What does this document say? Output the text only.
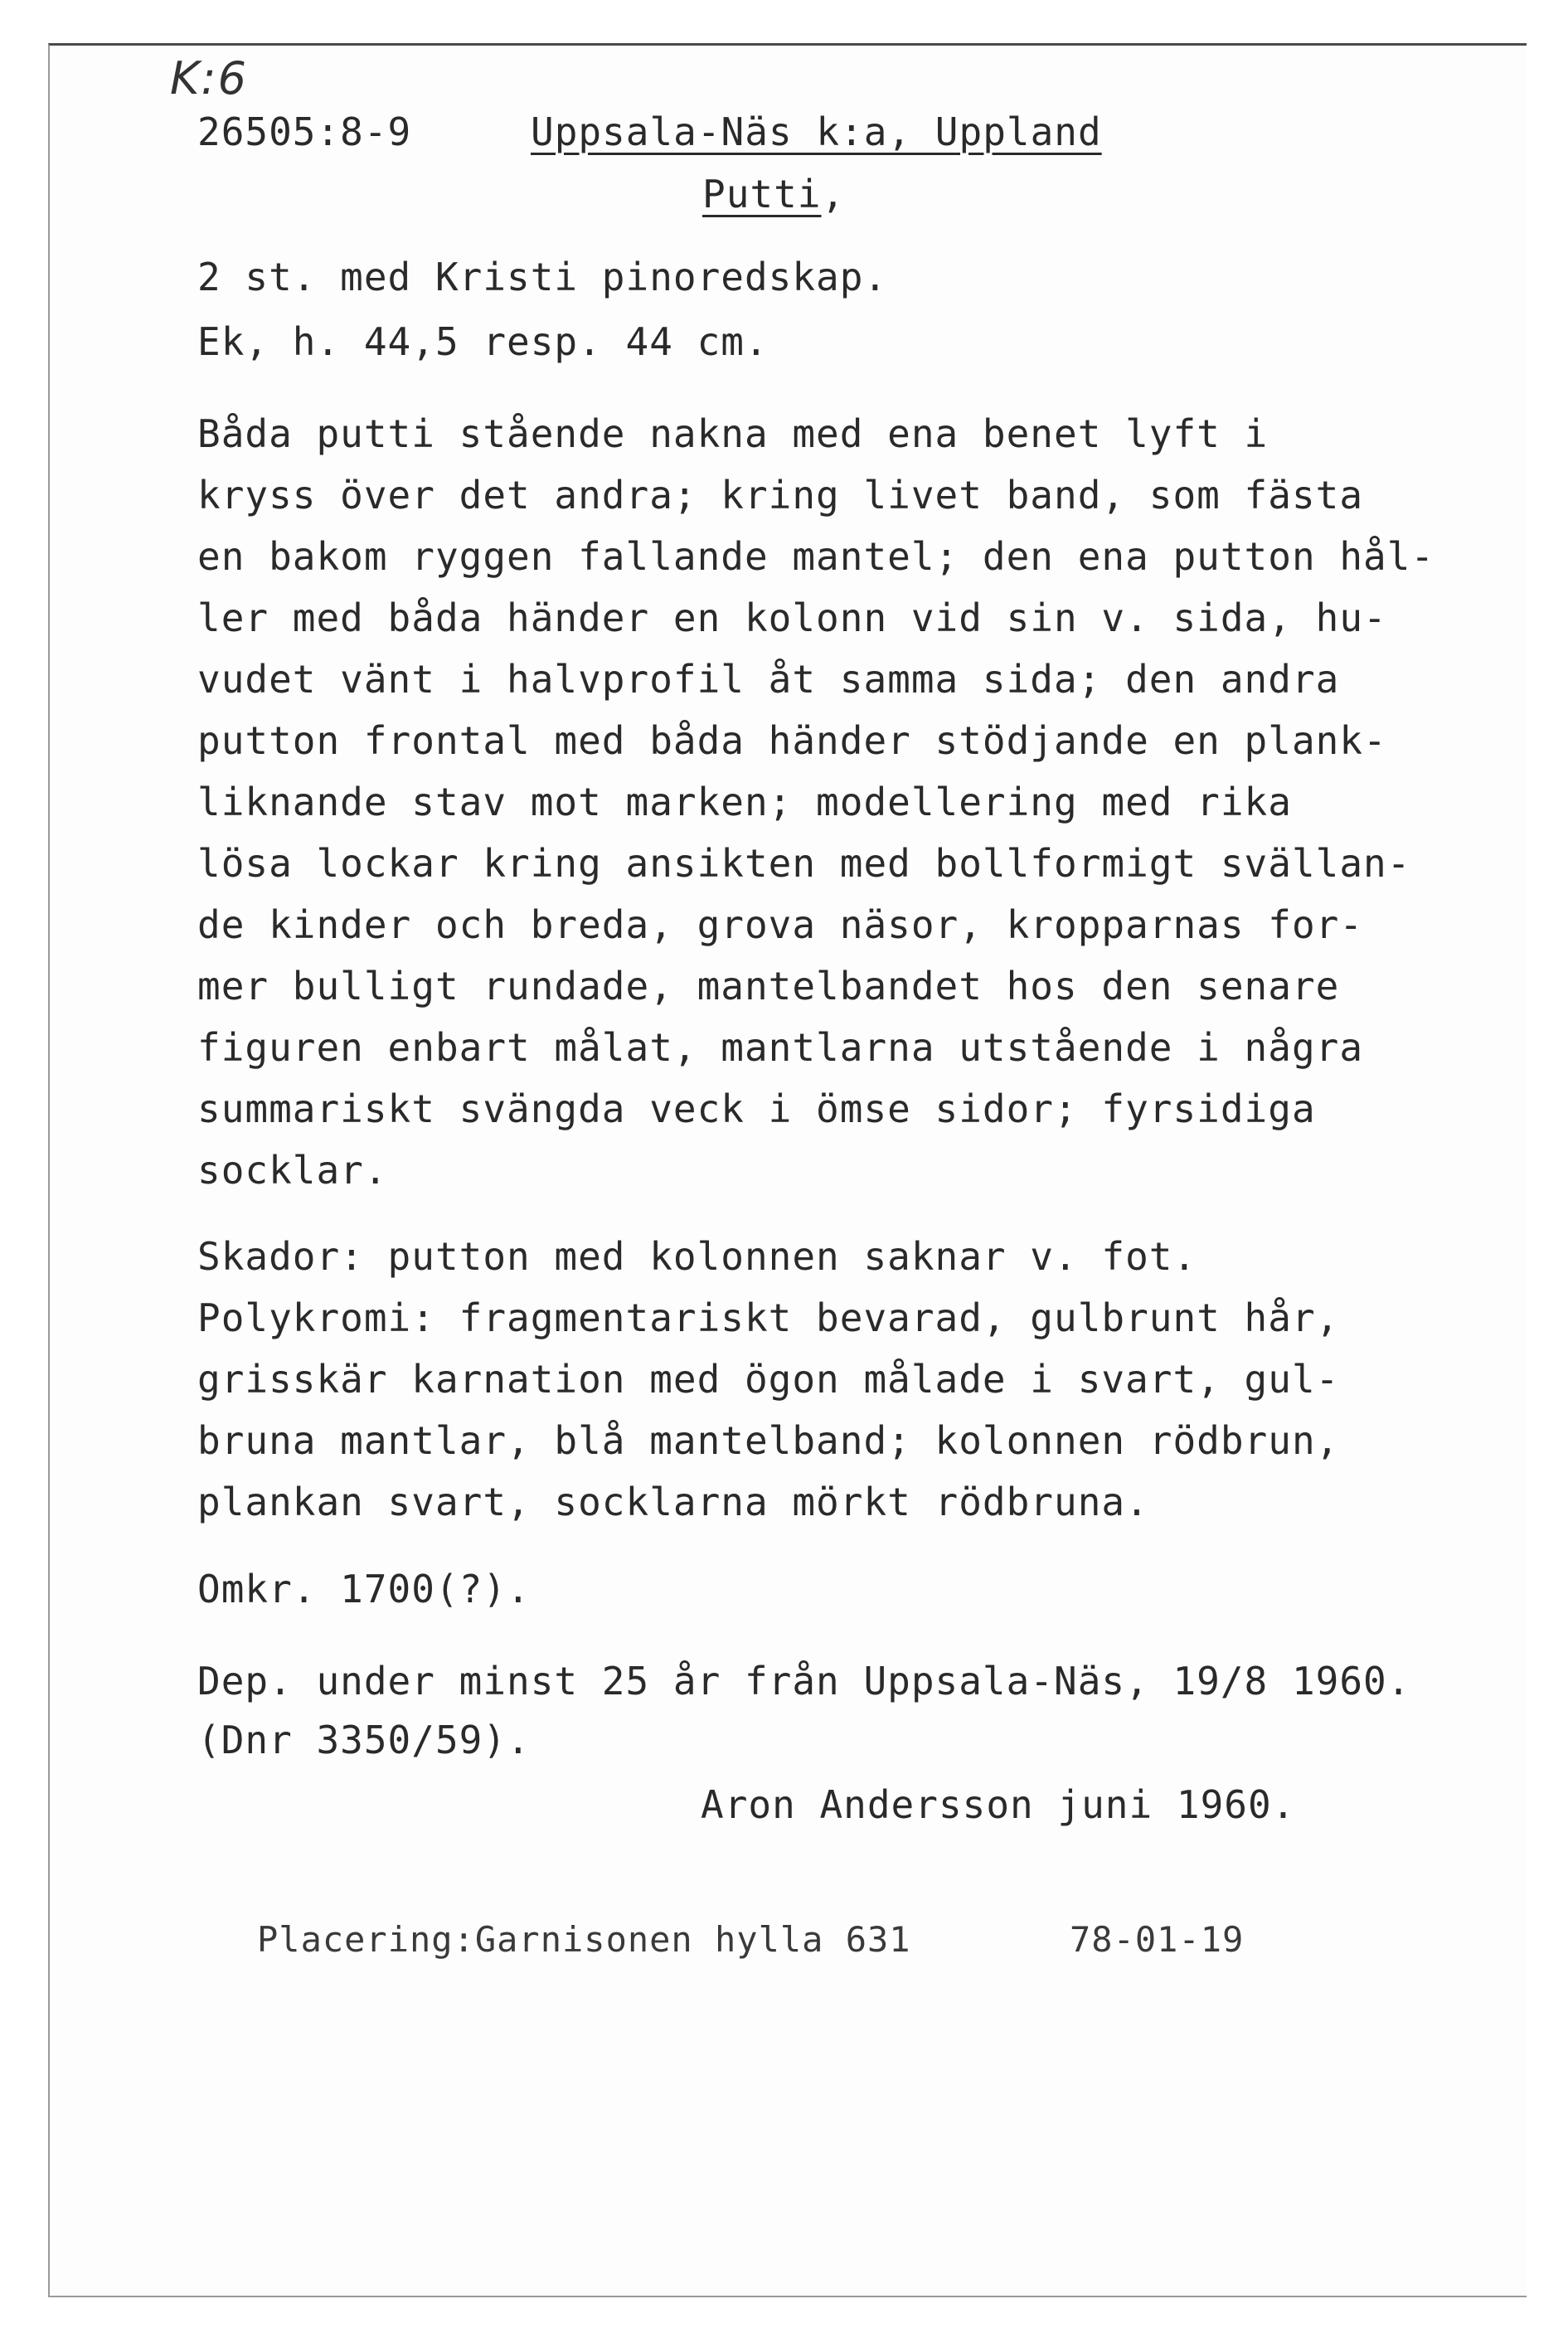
K:6
26505:8-9	Uppsala-Näs k:a, Uppland
Putti,
2 st. med Kristi pinoredskap.
Ek, h. 44,5 resp. 44 cm.
Båda putti stående nakna med ena benet lyft i
kryss över det andra; kring livet band, som fästa
en bakom ryggen fallande mantel; den ena putton hål-
ler med båda händer en kolonn vid sin v. sida, hu-
vudet vänt i halvprofil åt samma sida; den andra
putton frontal med båda händer stödjande en plank-
liknande stav mot marken; modellering med rika
lösa lockar kring ansikten med bollformigt svällan-
de kinder och breda, grova näsor, kropparnas for-
mer bulligt rundade, mantelbandet hos den senare
figuren enbart målat, mantlarna utstående i några
summariskt svängda veck i ömse sidor; fyrsidiga
socklar.
Skador: putton med kolonnen saknar v. fot.
Polykromi: fragmentariskt bevarad, gulbrunt hår,
grisskär karnation med ögon målade i svart, gul-
bruna mantlar, blå mantelband; kolonnen rödbrun,
plankan svart, socklarna mörkt rödbruna.
Omkr. 1700(?).
Dep. under minst 25 år från Uppsala-Näs, 19/8 1960.
(Dnr 3350/59).
Aron Andersson juni 1960.
Placering:Garnisonen hylla 631	78-01-19
